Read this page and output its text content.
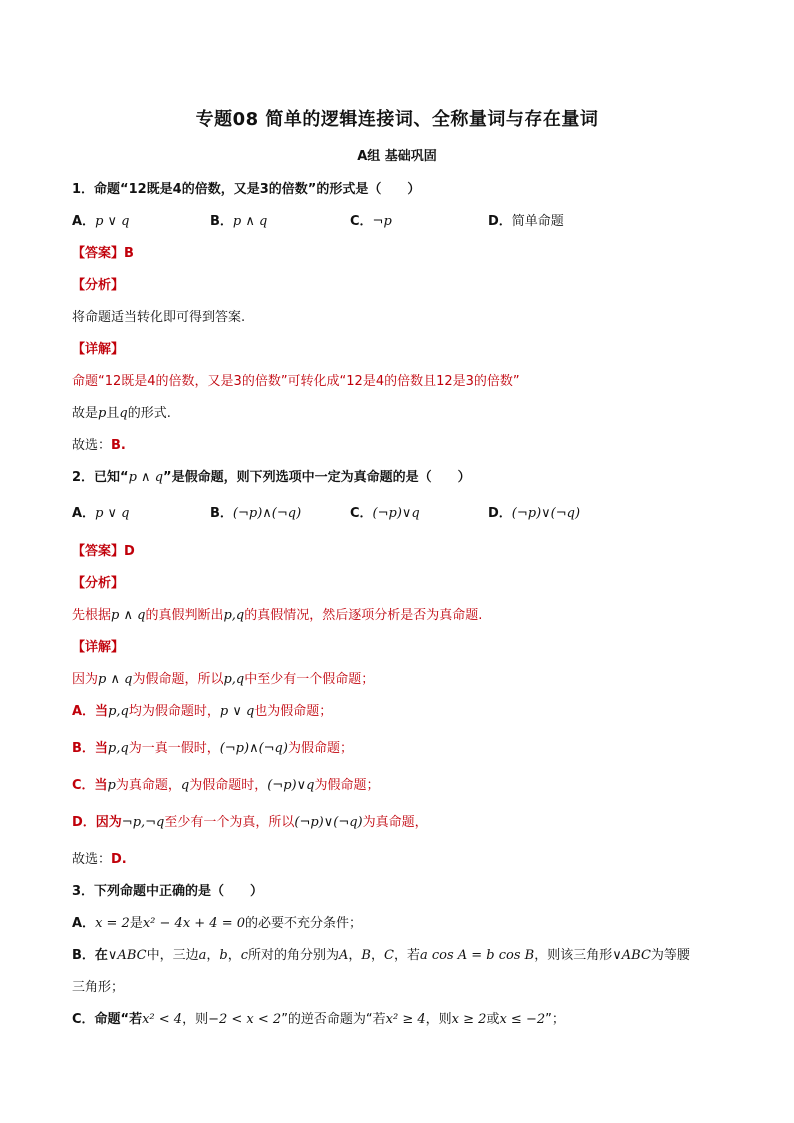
专题08 简单的逻辑连接词、全称量词与存在量词
A组 基础巩固
1．命题“12既是4的倍数，又是3的倍数”的形式是（　　）
A．p ∨ q	B．p ∧ q	C．¬p	D．简单命题
【答案】B
【分析】
将命题适当转化即可得到答案.
【详解】
命题“12既是4的倍数，又是3的倍数”可转化成“12是4的倍数且12是3的倍数”
故是p且q的形式.
故选：B.
2．已知“p ∧ q”是假命题，则下列选项中一定为真命题的是（　　）
A．p ∨ q	B．(¬p)∧(¬q)	C．(¬p)∨q	D．(¬p)∨(¬q)
【答案】D
【分析】
先根据p ∧ q的真假判断出p,q的真假情况，然后逐项分析是否为真命题.
【详解】
因为p ∧ q为假命题，所以p,q中至少有一个假命题；
A．当p,q均为假命题时，p ∨ q也为假命题；
B．当p,q为一真一假时，(¬p)∧(¬q)为假命题；
C．当p为真命题，q为假命题时，(¬p)∨q为假命题；
D．因为¬p,¬q至少有一个为真，所以(¬p)∨(¬q)为真命题，
故选：D.
3．下列命题中正确的是（　　）
A．x = 2是x² − 4x + 4 = 0的必要不充分条件；
B．在∨ABC中，三边a，b，c所对的角分别为A，B，C，若a cos A = b cos B，则该三角形∨ABC为等腰
三角形；
C．命题“若x² < 4，则−2 < x < 2”的逆否命题为“若x² ≥ 4，则x ≥ 2或x ≤ −2”；
